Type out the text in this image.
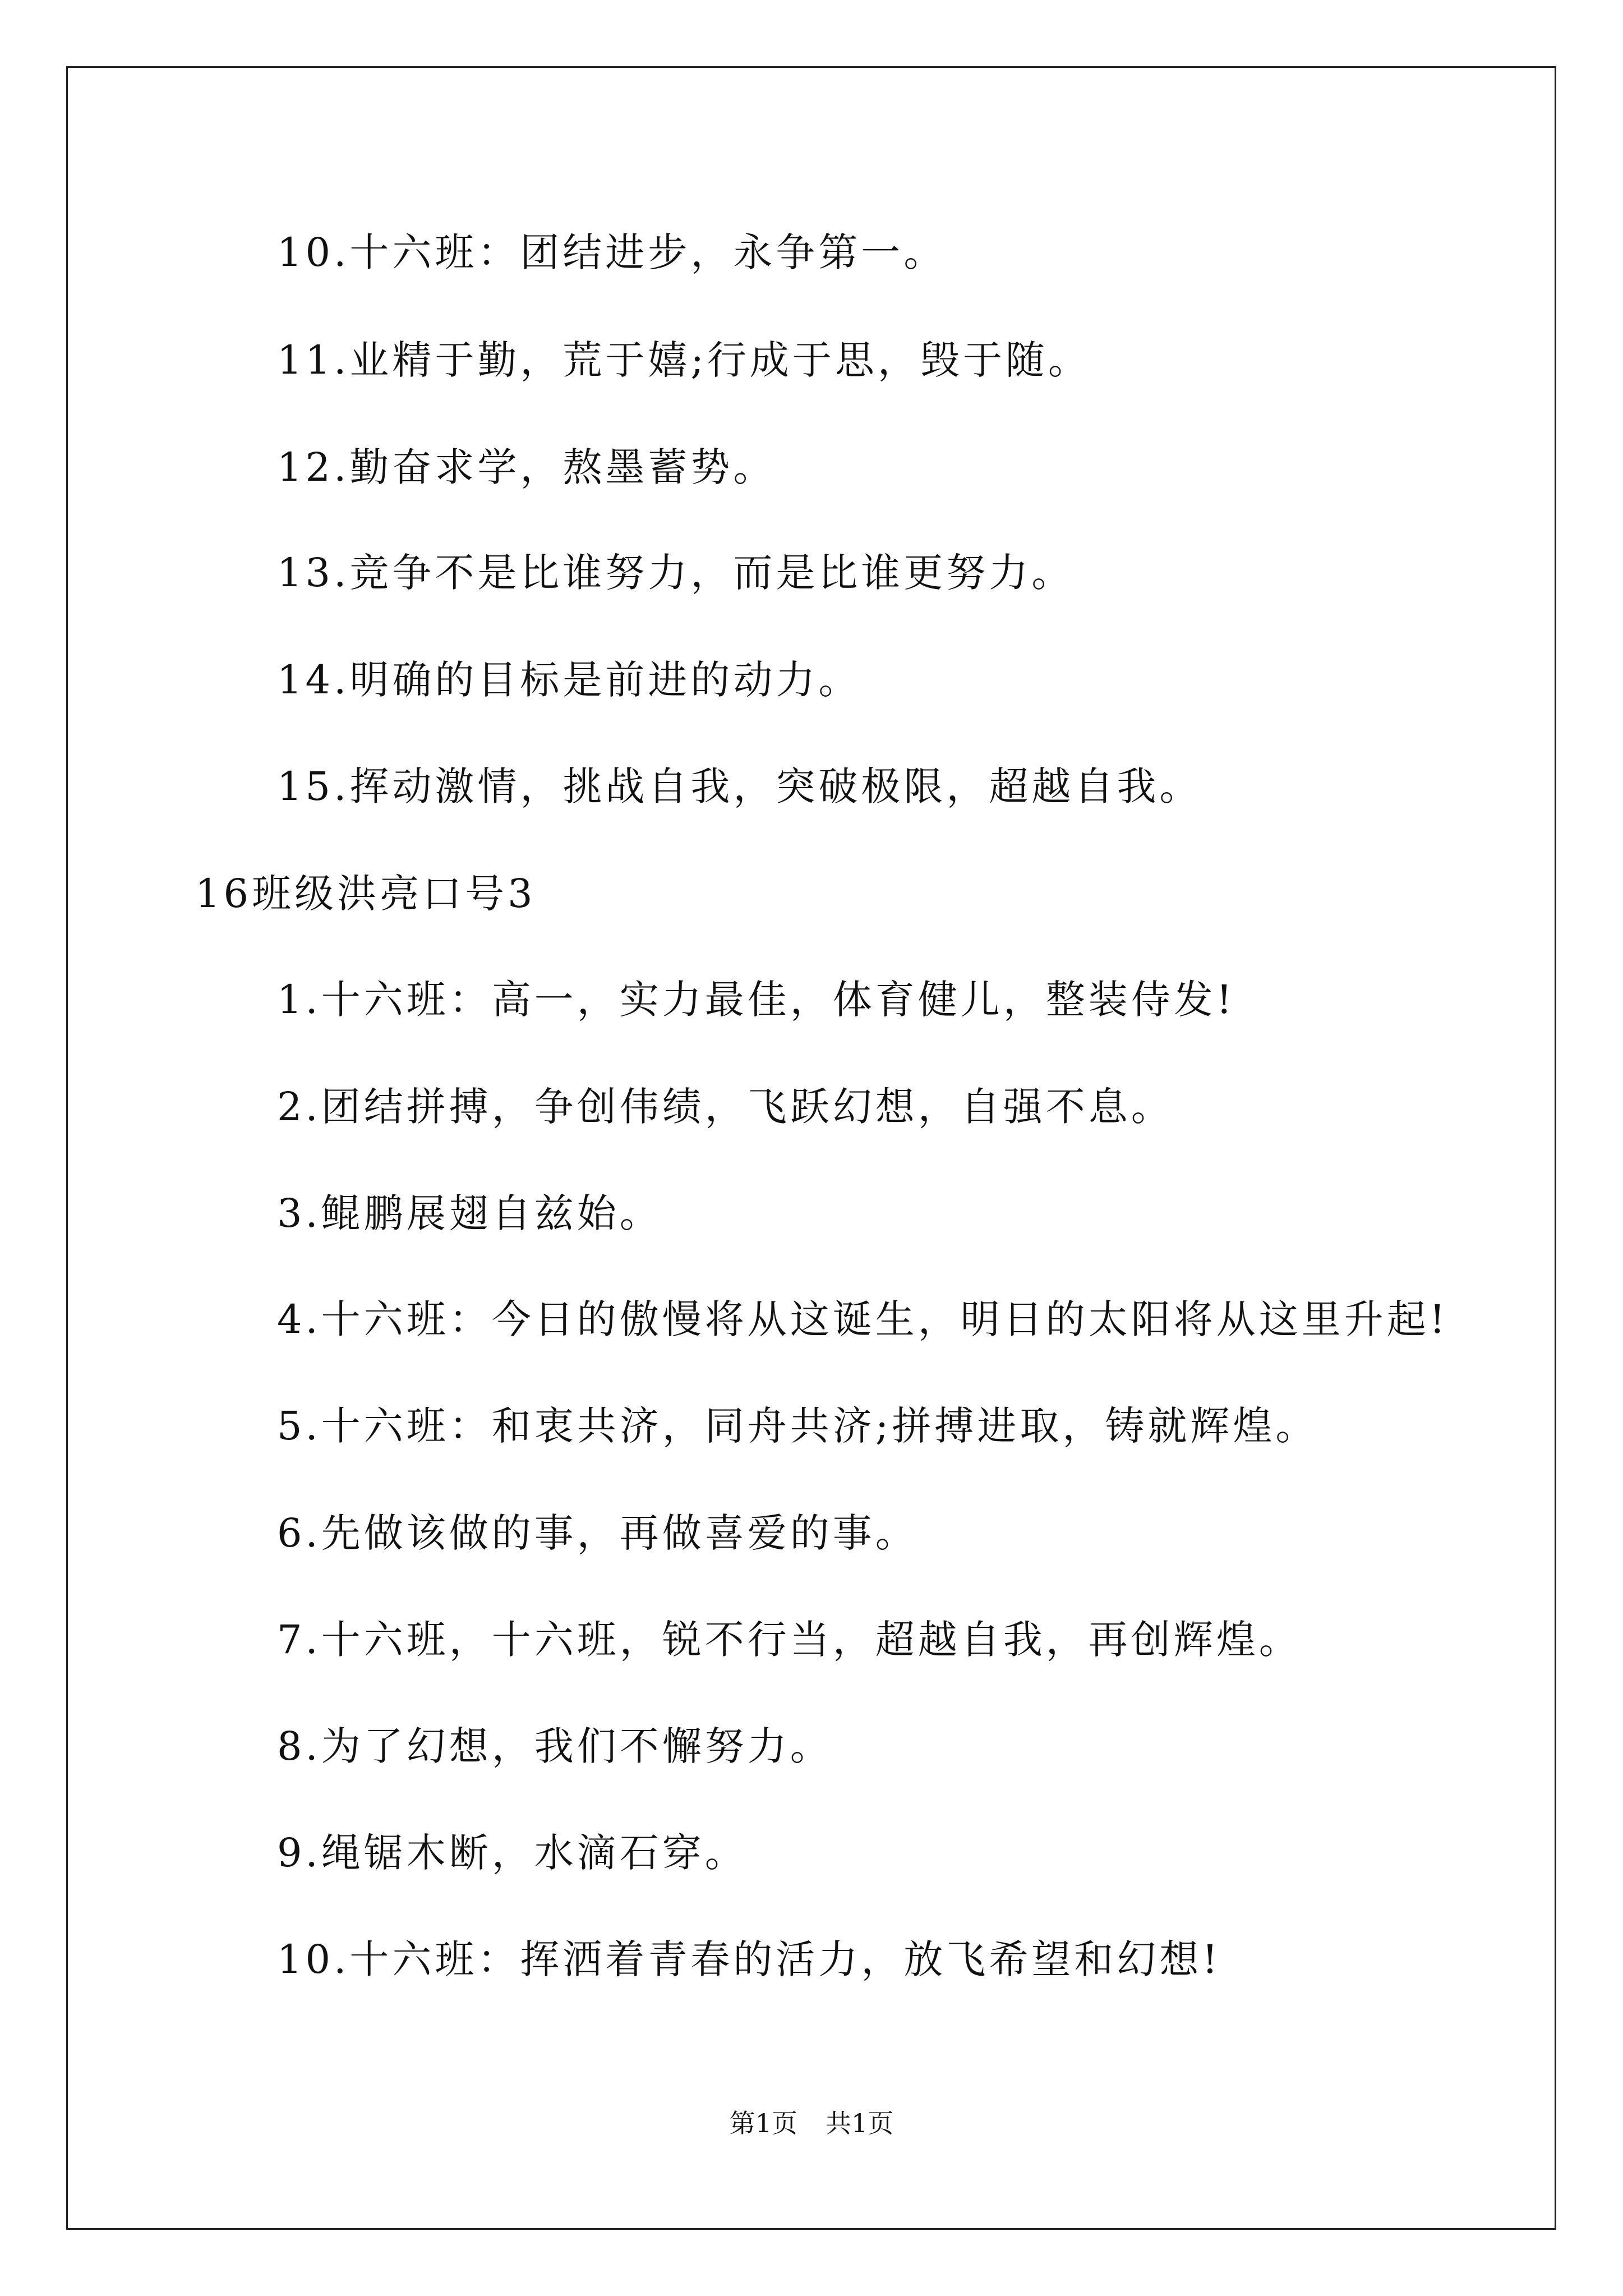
10.十六班：团结进步，永争第一。
11.业精于勤，荒于嬉;行成于思，毁于随。
12.勤奋求学，熬墨蓄势。
13.竞争不是比谁努力，而是比谁更努力。
14.明确的目标是前进的动力。
15.挥动激情，挑战自我，突破极限，超越自我。
16班级洪亮口号3
1.十六班：高一，实力最佳，体育健儿，整装侍发!
2.团结拼搏，争创伟绩，飞跃幻想，自强不息。
3.鲲鹏展翅自兹始。
4.十六班：今日的傲慢将从这诞生，明日的太阳将从这里升起!
5.十六班：和衷共济，同舟共济;拼搏进取，铸就辉煌。
6.先做该做的事，再做喜爱的事。
7.十六班，十六班，锐不行当，超越自我，再创辉煌。
8.为了幻想，我们不懈努力。
9.绳锯木断，水滴石穿。
10.十六班：挥洒着青春的活力，放飞希望和幻想!
第1页 共1页
